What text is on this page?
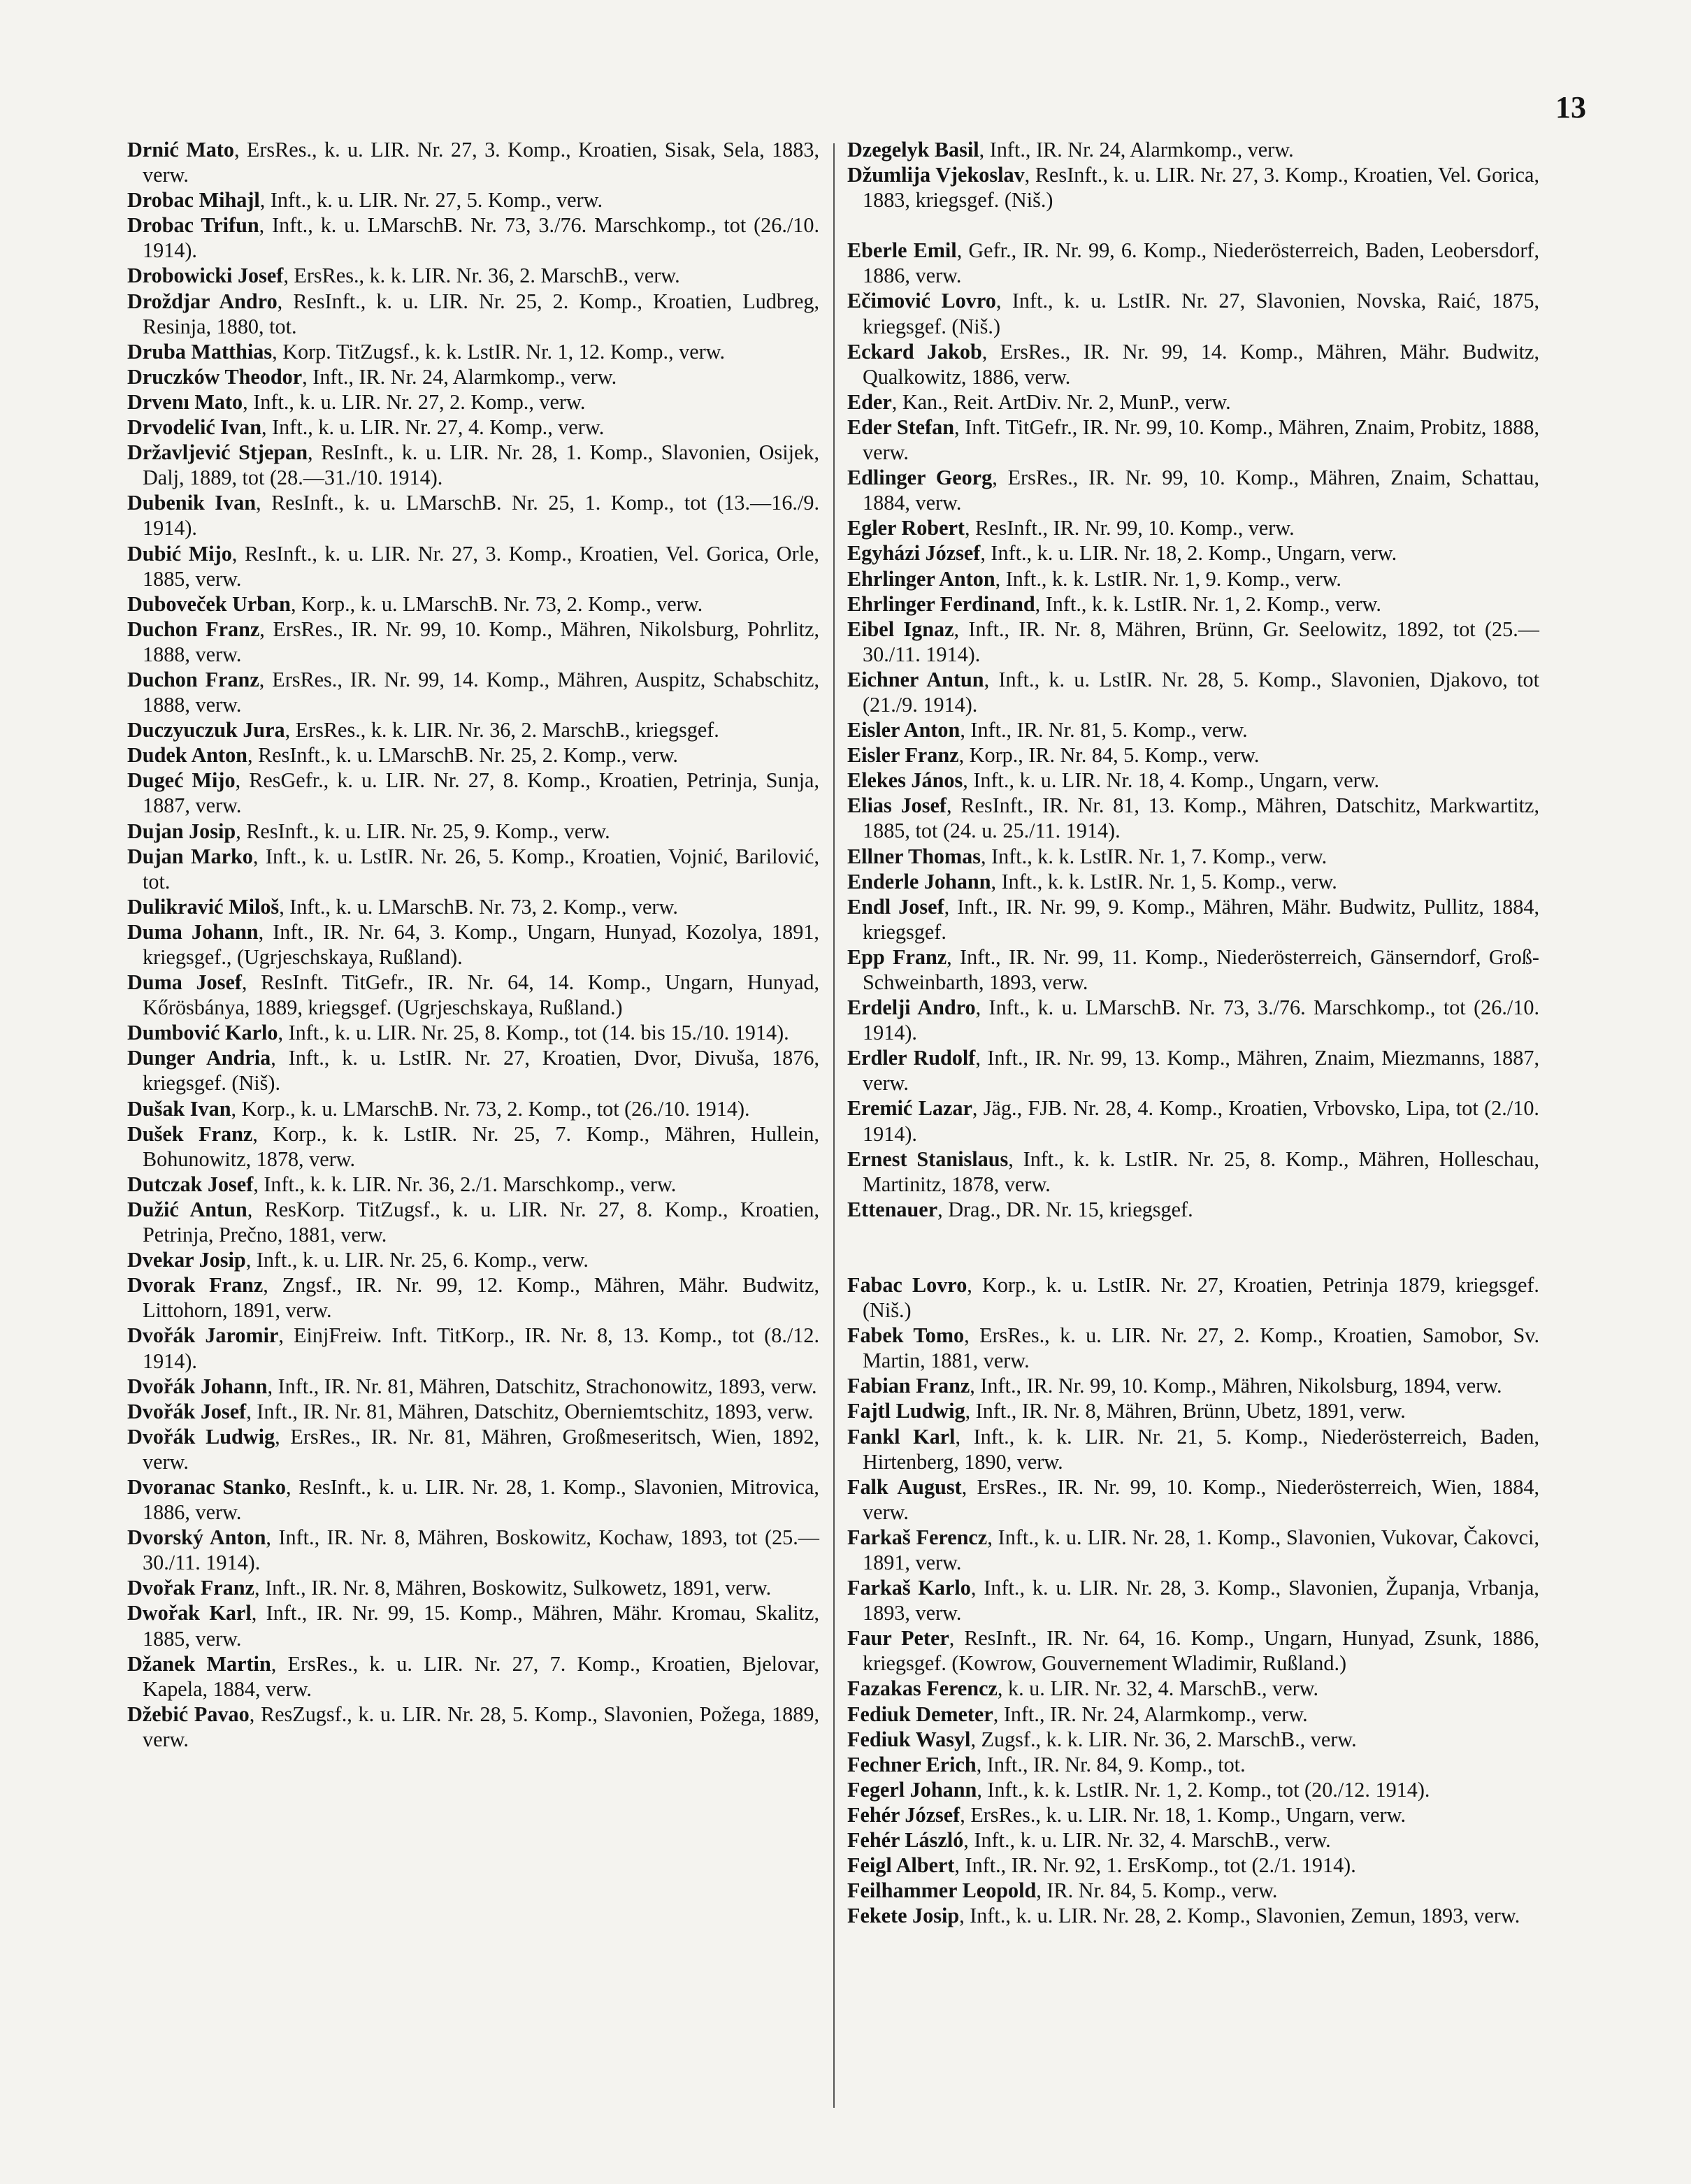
13

Drnić Mato, ErsRes., k. u. LIR. Nr. 27, 3. Komp., Kroatien, Sisak, Sela, 1883, verw.

Drobac Mihajl, Inft., k. u. LIR. Nr. 27, 5. Komp., verw.

Drobac Trifun, Inft., k. u. LMarschB. Nr. 73, 3./76. Marschkomp., tot (26./10. 1914).

Drobowicki Josef, ErsRes., k. k. LIR. Nr. 36, 2. MarschB., verw.

Droždjar Andro, ResInft., k. u. LIR. Nr. 25, 2. Komp., Kroatien, Ludbreg, Resinja, 1880, tot.

Druba Matthias, Korp. TitZugsf., k. k. LstIR. Nr. 1, 12. Komp., verw.

Druczków Theodor, Inft., IR. Nr. 24, Alarmkomp., verw.

Drvenı Mato, Inft., k. u. LIR. Nr. 27, 2. Komp., verw.

Drvodelić Ivan, Inft., k. u. LIR. Nr. 27, 4. Komp., verw.

Državljević Stjepan, ResInft., k. u. LIR. Nr. 28, 1. Komp., Slavonien, Osijek, Dalj, 1889, tot (28.—31./10. 1914).

Dubenik Ivan, ResInft., k. u. LMarschB. Nr. 25, 1. Komp., tot (13.—16./9. 1914).

Dubić Mijo, ResInft., k. u. LIR. Nr. 27, 3. Komp., Kroatien, Vel. Gorica, Orle, 1885, verw.

Duboveček Urban, Korp., k. u. LMarschB. Nr. 73, 2. Komp., verw.

Duchon Franz, ErsRes., IR. Nr. 99, 10. Komp., Mähren, Nikolsburg, Pohrlitz, 1888, verw.

Duchon Franz, ErsRes., IR. Nr. 99, 14. Komp., Mähren, Auspitz, Schabschitz, 1888, verw.

Duczyuczuk Jura, ErsRes., k. k. LIR. Nr. 36, 2. MarschB., kriegsgef.

Dudek Anton, ResInft., k. u. LMarschB. Nr. 25, 2. Komp., verw.

Dugeć Mijo, ResGefr., k. u. LIR. Nr. 27, 8. Komp., Kroatien, Petrinja, Sunja, 1887, verw.

Dujan Josip, ResInft., k. u. LIR. Nr. 25, 9. Komp., verw.

Dujan Marko, Inft., k. u. LstIR. Nr. 26, 5. Komp., Kroatien, Vojnić, Barilović, tot.

Dulikravić Miloš, Inft., k. u. LMarschB. Nr. 73, 2. Komp., verw.

Duma Johann, Inft., IR. Nr. 64, 3. Komp., Ungarn, Hunyad, Kozolya, 1891, kriegsgef., (Ugrjeschskaya, Rußland).

Duma Josef, ResInft. TitGefr., IR. Nr. 64, 14. Komp., Ungarn, Hunyad, Kőrösbánya, 1889, kriegsgef. (Ugrjeschskaya, Rußland.)

Dumbović Karlo, Inft., k. u. LIR. Nr. 25, 8. Komp., tot (14. bis 15./10. 1914).

Dunger Andria, Inft., k. u. LstIR. Nr. 27, Kroatien, Dvor, Divuša, 1876, kriegsgef. (Niš).

Dušak Ivan, Korp., k. u. LMarschB. Nr. 73, 2. Komp., tot (26./10. 1914).

Dušek Franz, Korp., k. k. LstIR. Nr. 25, 7. Komp., Mähren, Hullein, Bohunowitz, 1878, verw.

Dutczak Josef, Inft., k. k. LIR. Nr. 36, 2./1. Marschkomp., verw.

Dužić Antun, ResKorp. TitZugsf., k. u. LIR. Nr. 27, 8. Komp., Kroatien, Petrinja, Prečno, 1881, verw.

Dvekar Josip, Inft., k. u. LIR. Nr. 25, 6. Komp., verw.

Dvorak Franz, Zngsf., IR. Nr. 99, 12. Komp., Mähren, Mähr. Budwitz, Littohorn, 1891, verw.

Dvořák Jaromir, EinjFreiw. Inft. TitKorp., IR. Nr. 8, 13. Komp., tot (8./12. 1914).

Dvořák Johann, Inft., IR. Nr. 81, Mähren, Datschitz, Strachonowitz, 1893, verw.

Dvořák Josef, Inft., IR. Nr. 81, Mähren, Datschitz, Oberniemtschitz, 1893, verw.

Dvořák Ludwig, ErsRes., IR. Nr. 81, Mähren, Großmeseritsch, Wien, 1892, verw.

Dvoranac Stanko, ResInft., k. u. LIR. Nr. 28, 1. Komp., Slavonien, Mitrovica, 1886, verw.

Dvorský Anton, Inft., IR. Nr. 8, Mähren, Boskowitz, Kochaw, 1893, tot (25.—30./11. 1914).

Dvořak Franz, Inft., IR. Nr. 8, Mähren, Boskowitz, Sulkowetz, 1891, verw.

Dwořak Karl, Inft., IR. Nr. 99, 15. Komp., Mähren, Mähr. Kromau, Skalitz, 1885, verw.

Džanek Martin, ErsRes., k. u. LIR. Nr. 27, 7. Komp., Kroatien, Bjelovar, Kapela, 1884, verw.

Džebić Pavao, ResZugsf., k. u. LIR. Nr. 28, 5. Komp., Slavonien, Požega, 1889, verw.

Dzegelyk Basil, Inft., IR. Nr. 24, Alarmkomp., verw.

Džumlija Vjekoslav, ResInft., k. u. LIR. Nr. 27, 3. Komp., Kroatien, Vel. Gorica, 1883, kriegsgef. (Niš.)

Eberle Emil, Gefr., IR. Nr. 99, 6. Komp., Niederösterreich, Baden, Leobersdorf, 1886, verw.

Ečimović Lovro, Inft., k. u. LstIR. Nr. 27, Slavonien, Novska, Raić, 1875, kriegsgef. (Niš.)

Eckard Jakob, ErsRes., IR. Nr. 99, 14. Komp., Mähren, Mähr. Budwitz, Qualkowitz, 1886, verw.

Eder, Kan., Reit. ArtDiv. Nr. 2, MunP., verw.

Eder Stefan, Inft. TitGefr., IR. Nr. 99, 10. Komp., Mähren, Znaim, Probitz, 1888, verw.

Edlinger Georg, ErsRes., IR. Nr. 99, 10. Komp., Mähren, Znaim, Schattau, 1884, verw.

Egler Robert, ResInft., IR. Nr. 99, 10. Komp., verw.

Egyházi József, Inft., k. u. LIR. Nr. 18, 2. Komp., Ungarn, verw.

Ehrlinger Anton, Inft., k. k. LstIR. Nr. 1, 9. Komp., verw.

Ehrlinger Ferdinand, Inft., k. k. LstIR. Nr. 1, 2. Komp., verw.

Eibel Ignaz, Inft., IR. Nr. 8, Mähren, Brünn, Gr. Seelowitz, 1892, tot (25.—30./11. 1914).

Eichner Antun, Inft., k. u. LstIR. Nr. 28, 5. Komp., Slavonien, Djakovo, tot (21./9. 1914).

Eisler Anton, Inft., IR. Nr. 81, 5. Komp., verw.

Eisler Franz, Korp., IR. Nr. 84, 5. Komp., verw.

Elekes János, Inft., k. u. LIR. Nr. 18, 4. Komp., Ungarn, verw.

Elias Josef, ResInft., IR. Nr. 81, 13. Komp., Mähren, Datschitz, Markwartitz, 1885, tot (24. u. 25./11. 1914).

Ellner Thomas, Inft., k. k. LstIR. Nr. 1, 7. Komp., verw.

Enderle Johann, Inft., k. k. LstIR. Nr. 1, 5. Komp., verw.

Endl Josef, Inft., IR. Nr. 99, 9. Komp., Mähren, Mähr. Budwitz, Pullitz, 1884, kriegsgef.

Epp Franz, Inft., IR. Nr. 99, 11. Komp., Niederösterreich, Gänserndorf, Groß-Schweinbarth, 1893, verw.

Erdelji Andro, Inft., k. u. LMarschB. Nr. 73, 3./76. Marschkomp., tot (26./10. 1914).

Erdler Rudolf, Inft., IR. Nr. 99, 13. Komp., Mähren, Znaim, Miezmanns, 1887, verw.

Eremić Lazar, Jäg., FJB. Nr. 28, 4. Komp., Kroatien, Vrbovsko, Lipa, tot (2./10. 1914).

Ernest Stanislaus, Inft., k. k. LstIR. Nr. 25, 8. Komp., Mähren, Holleschau, Martinitz, 1878, verw.

Ettenauer, Drag., DR. Nr. 15, kriegsgef.

Fabac Lovro, Korp., k. u. LstIR. Nr. 27, Kroatien, Petrinja 1879, kriegsgef. (Niš.)

Fabek Tomo, ErsRes., k. u. LIR. Nr. 27, 2. Komp., Kroatien, Samobor, Sv. Martin, 1881, verw.

Fabian Franz, Inft., IR. Nr. 99, 10. Komp., Mähren, Nikolsburg, 1894, verw.

Fajtl Ludwig, Inft., IR. Nr. 8, Mähren, Brünn, Ubetz, 1891, verw.

Fankl Karl, Inft., k. k. LIR. Nr. 21, 5. Komp., Niederösterreich, Baden, Hirtenberg, 1890, verw.

Falk August, ErsRes., IR. Nr. 99, 10. Komp., Niederösterreich, Wien, 1884, verw.

Farkaš Ferencz, Inft., k. u. LIR. Nr. 28, 1. Komp., Slavonien, Vukovar, Čakovci, 1891, verw.

Farkaš Karlo, Inft., k. u. LIR. Nr. 28, 3. Komp., Slavonien, Županja, Vrbanja, 1893, verw.

Faur Peter, ResInft., IR. Nr. 64, 16. Komp., Ungarn, Hunyad, Zsunk, 1886, kriegsgef. (Kowrow, Gouvernement Wladimir, Rußland.)

Fazakas Ferencz, k. u. LIR. Nr. 32, 4. MarschB., verw.

Fediuk Demeter, Inft., IR. Nr. 24, Alarmkomp., verw.

Fediuk Wasyl, Zugsf., k. k. LIR. Nr. 36, 2. MarschB., verw.

Fechner Erich, Inft., IR. Nr. 84, 9. Komp., tot.

Fegerl Johann, Inft., k. k. LstIR. Nr. 1, 2. Komp., tot (20./12. 1914).

Fehér József, ErsRes., k. u. LIR. Nr. 18, 1. Komp., Ungarn, verw.

Fehér László, Inft., k. u. LIR. Nr. 32, 4. MarschB., verw.

Feigl Albert, Inft., IR. Nr. 92, 1. ErsKomp., tot (2./1. 1914).

Feilhammer Leopold, IR. Nr. 84, 5. Komp., verw.

Fekete Josip, Inft., k. u. LIR. Nr. 28, 2. Komp., Slavonien, Zemun, 1893, verw.
